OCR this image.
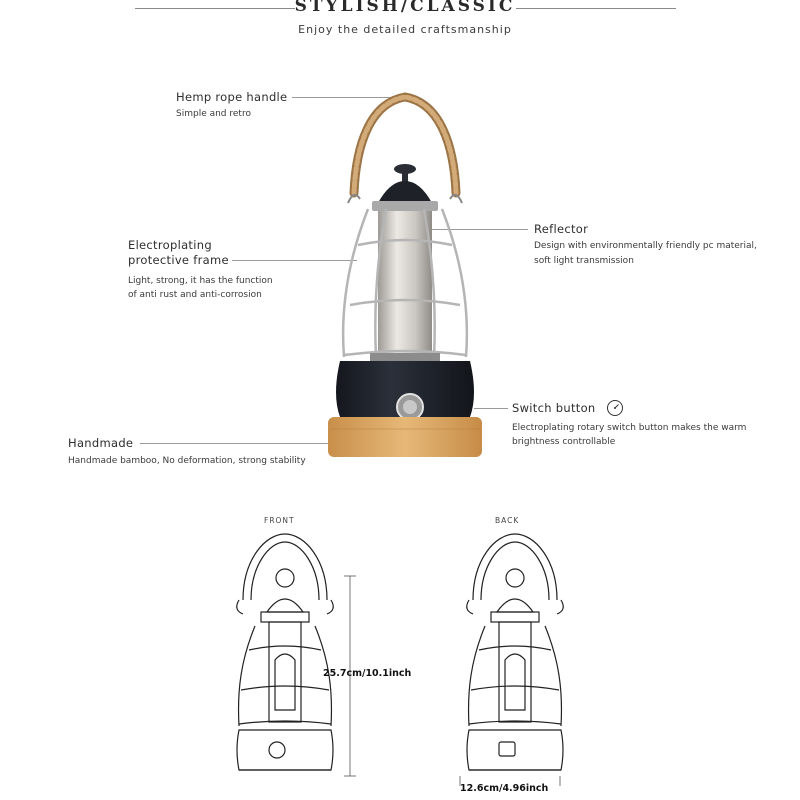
STYLISH/CLASSIC
Enjoy the detailed craftsmanship
Hemp rope handle
Simple and retro
Electroplating
protective frame
Light, strong, it has the function
of anti rust and anti-corrosion
Handmade
Handmade bamboo, No deformation, strong stability
Reflector
Design with environmentally friendly pc material,
soft light transmission
Switch button
Electroplating rotary switch button makes the warm
brightness controllable
FRONT	BACK
25.7cm/10.1inch
12.6cm/4.96inch
